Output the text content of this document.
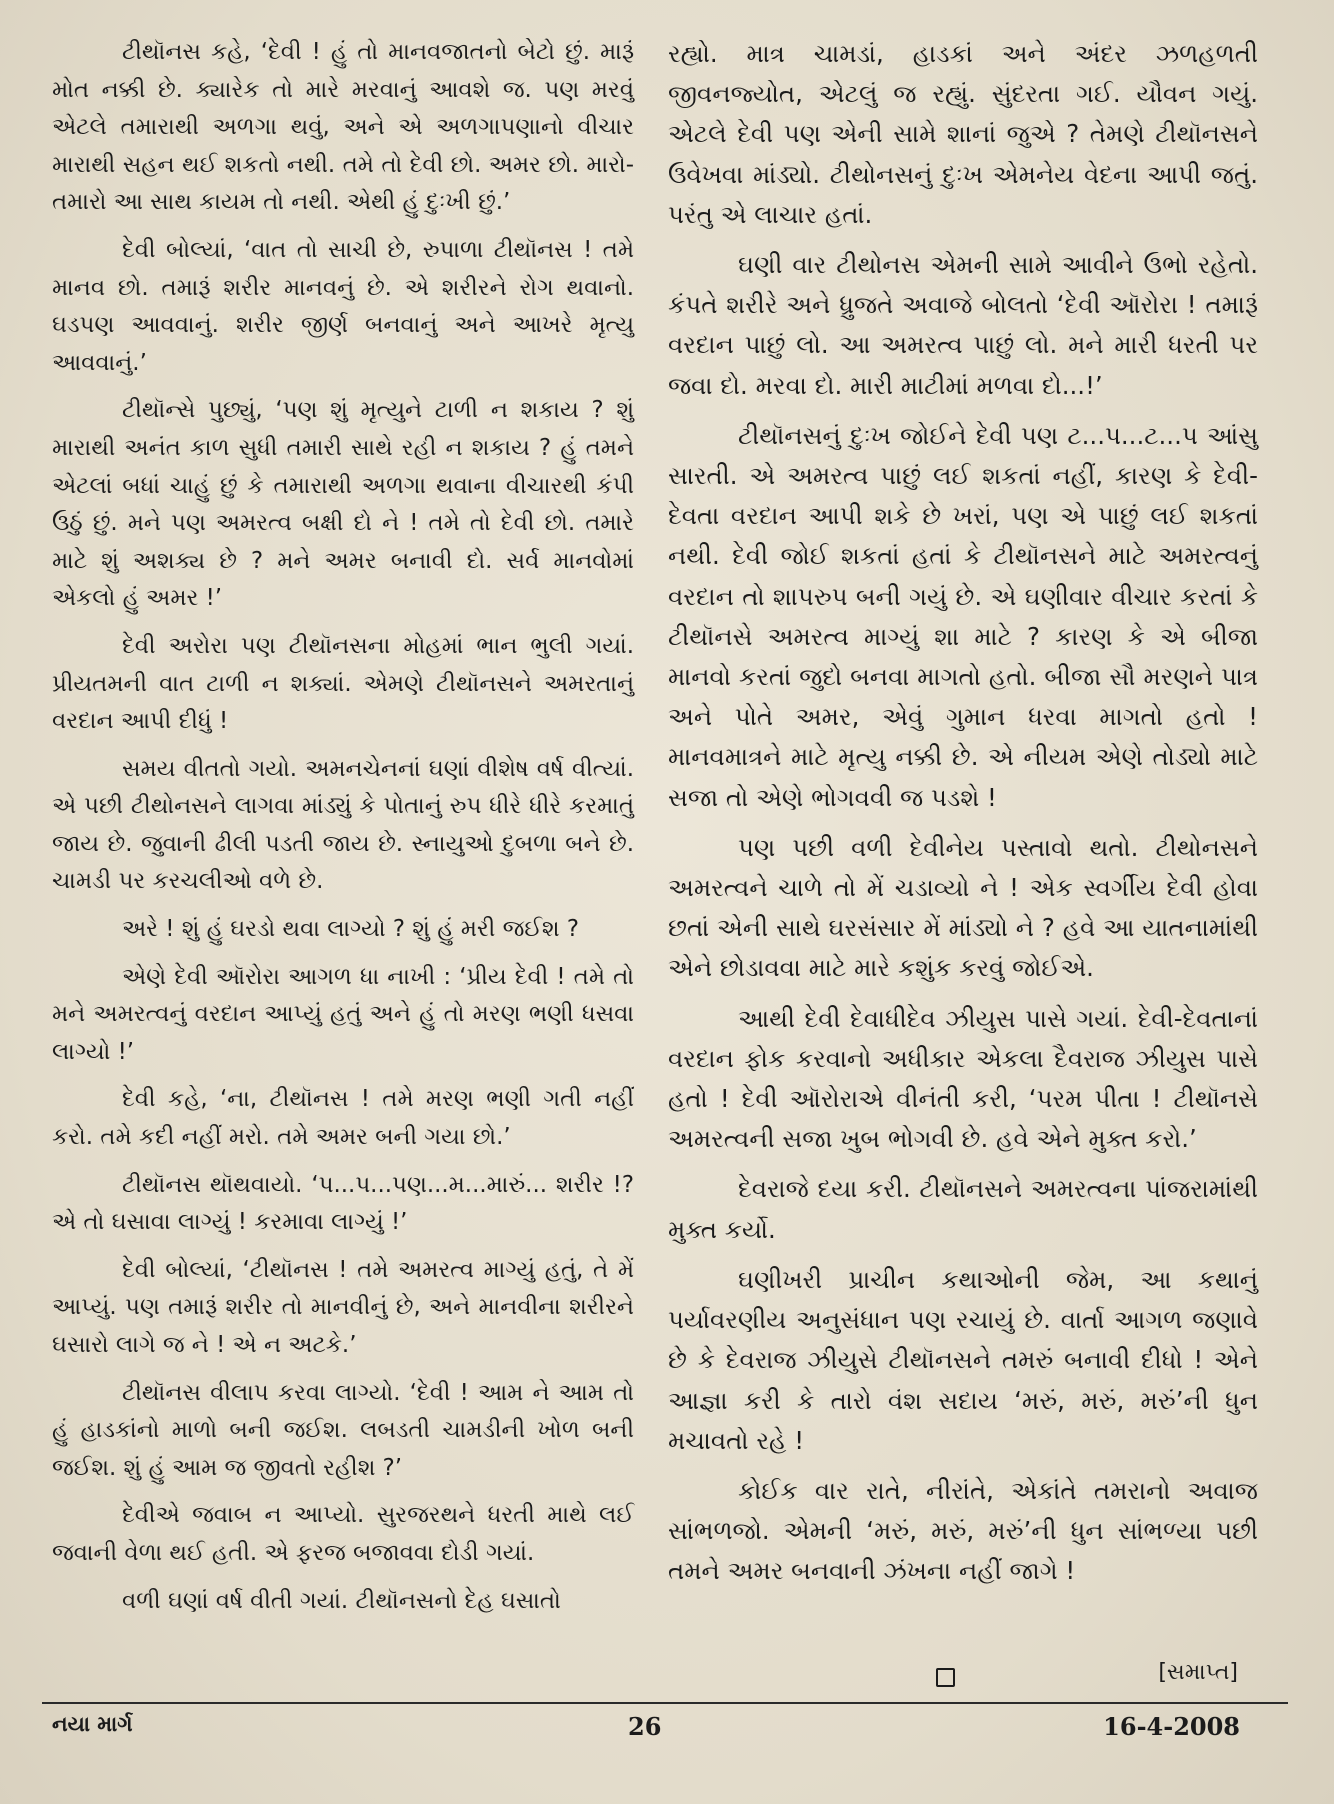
ટીથૉનસ કહે, ‘દેવી ! હું તો માનવજાતનો બેટો છું. મારૂં મોત નક્કી છે. ક્યારેક તો મારે મરવાનું આવશે જ. પણ મરવું એટલે તમારાથી અળગા થવું, અને એ અળગાપણાનો વીચાર મારાથી સહન થઈ શકતો નથી. તમે તો દેવી છો. અમર છો. મારો-તમારો આ સાથ કાયમ તો નથી. એથી હું દુઃખી છું.’

દેવી બોલ્યાં, ‘વાત તો સાચી છે, રુપાળા ટીથૉનસ ! તમે માનવ છો. તમારૂં શરીર માનવનું છે. એ શરીરને રોગ થવાનો. ઘડપણ આવવાનું. શરીર જીર્ણ બનવાનું અને આખરે મૃત્યુ આવવાનું.’

ટીથૉન્સે પુછ્યું, ‘પણ શું મૃત્યુને ટાળી ન શકાય ? શું મારાથી અનંત કાળ સુધી તમારી સાથે રહી ન શકાય ? હું તમને એટલાં બધાં ચાહું છું કે તમારાથી અળગા થવાના વીચારથી કંપી ઉઠું છું. મને પણ અમરત્વ બક્ષી દો ને ! તમે તો દેવી છો. તમારે માટે શું અશક્ય છે ? મને અમર બનાવી દો. સર્વ માનવોમાં એકલો હું અમર !’

દેવી અરોરા પણ ટીથૉનસના મોહમાં ભાન ભુલી ગયાં. પ્રીયતમની વાત ટાળી ન શક્યાં. એમણે ટીથૉનસને અમરતાનું વરદાન આપી દીધું !

સમય વીતતો ગયો. અમનચેનનાં ઘણાં વીશેષ વર્ષ વીત્યાં. એ પછી ટીથોનસને લાગવા માંડ્યું કે પોતાનું રુપ ધીરે ધીરે કરમાતું જાય છે. જુવાની ઢીલી પડતી જાય છે. સ્નાયુઓ દુબળા બને છે. ચામડી પર કરચલીઓ વળે છે.

અરે ! શું હું ઘરડો થવા લાગ્યો ? શું હું મરી જઈશ ?

એણે દેવી ઑરોરા આગળ ધા નાખી : ‘પ્રીય દેવી ! તમે તો મને અમરત્વનું વરદાન આપ્યું હતું અને હું તો મરણ ભણી ધસવા લાગ્યો !’

દેવી કહે, ‘ના, ટીથૉનસ ! તમે મરણ ભણી ગતી નહીં કરો. તમે કદી નહીં મરો. તમે અમર બની ગયા છો.’

ટીથૉનસ થૉથવાયો. ‘પ...પ...પણ...મ...મારું... શરીર !? એ તો ઘસાવા લાગ્યું ! કરમાવા લાગ્યું !’

દેવી બોલ્યાં, ‘ટીથૉનસ ! તમે અમરત્વ માગ્યું હતું, તે મેં આપ્યું. પણ તમારૂં શરીર તો માનવીનું છે, અને માનવીના શરીરને ઘસારો લાગે જ ને ! એ ન અટકે.’

ટીથૉનસ વીલાપ કરવા લાગ્યો. ‘દેવી ! આમ ને આમ તો હું હાડકાંનો માળો બની જઈશ. લબડતી ચામડીની ખોળ બની જઈશ. શું હું આમ જ જીવતો રહીશ ?’

દેવીએ જવાબ ન આપ્યો. સુરજરથને ધરતી માથે લઈ જવાની વેળા થઈ હતી. એ ફરજ બજાવવા દોડી ગયાં.

વળી ઘણાં વર્ષ વીતી ગયાં. ટીથૉનસનો દેહ ઘસાતો

રહ્યો. માત્ર ચામડાં, હાડકાં અને અંદર ઝળહળતી જીવનજ્યોત, એટલું જ રહ્યું. સુંદરતા ગઈ. યૌવન ગયું. એટલે દેવી પણ એની સામે શાનાં જુએ ? તેમણે ટીથૉનસને ઉવેખવા માંડ્યો. ટીથોનસનું દુઃખ એમનેય વેદના આપી જતું. પરંતુ એ લાચાર હતાં.

ઘણી વાર ટીથોનસ એમની સામે આવીને ઉભો રહેતો. કંપતે શરીરે અને ધ્રુજતે અવાજે બોલતો ‘દેવી ઑરોરા ! તમારૂં વરદાન પાછું લો. આ અમરત્વ પાછું લો. મને મારી ધરતી પર જવા દો. મરવા દો. મારી માટીમાં મળવા દો...!’

ટીથૉનસનું દુઃખ જોઈને દેવી પણ ટ...પ...ટ...પ આંસુ સારતી. એ અમરત્વ પાછું લઈ શકતાં નહીં, કારણ કે દેવી-દેવતા વરદાન આપી શકે છે ખરાં, પણ એ પાછું લઈ શકતાં નથી. દેવી જોઈ શકતાં હતાં કે ટીથૉનસને માટે અમરત્વનું વરદાન તો શાપરુપ બની ગયું છે. એ ઘણીવાર વીચાર કરતાં કે ટીથૉનસે અમરત્વ માગ્યું શા માટે ? કારણ કે એ બીજા માનવો કરતાં જુદો બનવા માગતો હતો. બીજા સૌ મરણને પાત્ર અને પોતે અમર, એવું ગુમાન ધરવા માગતો હતો ! માનવમાત્રને માટે મૃત્યુ નક્કી છે. એ નીયમ એણે તોડ્યો માટે સજા તો એણે ભોગવવી જ પડશે !

પણ પછી વળી દેવીનેય પસ્તાવો થતો. ટીથોનસને અમરત્વને ચાળે તો મેં ચડાવ્યો ને ! એક સ્વર્ગીય દેવી હોવા છતાં એની સાથે ઘરસંસાર મેં માંડ્યો ને ? હવે આ યાતનામાંથી એને છોડાવવા માટે મારે કશુંક કરવું જોઈએ.

આથી દેવી દેવાધીદેવ ઝીયુસ પાસે ગયાં. દેવી-દેવતાનાં વરદાન ફોક કરવાનો અધીકાર એકલા દૈવરાજ ઝીયુસ પાસે હતો ! દેવી ઑરોરાએ વીનંતી કરી, ‘પરમ પીતા ! ટીથૉનસે અમરત્વની સજા ખુબ ભોગવી છે. હવે એને મુક્ત કરો.’

દેવરાજે દયા કરી. ટીથૉનસને અમરત્વના પાંજરામાંથી મુક્ત કર્યો.

ઘણીખરી પ્રાચીન કથાઓની જેમ, આ કથાનું પર્યાવરણીય અનુસંધાન પણ રચાયું છે. વાર્તા આગળ જણાવે છે કે દેવરાજ ઝીયુસે ટીથૉનસને તમરું બનાવી દીધો ! એને આજ્ઞા કરી કે તારો વંશ સદાય ‘મરું, મરું, મરું’ની ધુન મચાવતો રહે !

કોઈક વાર રાતે, નીરાંતે, એકાંતે તમરાનો અવાજ સાંભળજો. એમની ‘મરું, મરું, મરું’ની ધુન સાંભળ્યા પછી તમને અમર બનવાની ઝંખના નહીં જાગે !

[સમાપ્ત]
નયા માર્ગ	26	16-4-2008
